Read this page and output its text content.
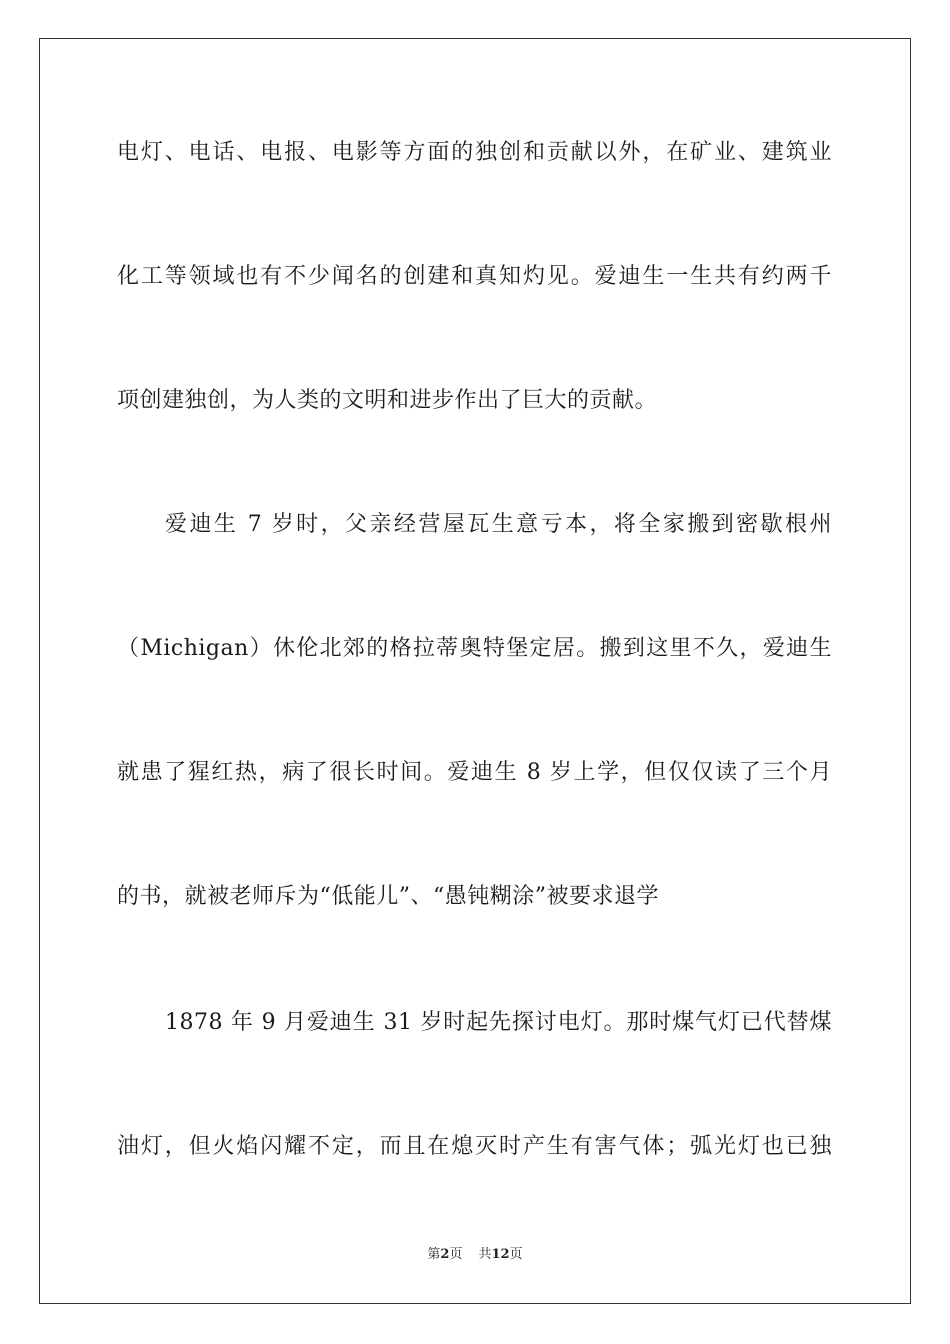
电灯、电话、电报、电影等方面的独创和贡献以外，在矿业、建筑业
化工等领域也有不少闻名的创建和真知灼见。爱迪生一生共有约两千
项创建独创，为人类的文明和进步作出了巨大的贡献。
爱迪生 7 岁时，父亲经营屋瓦生意亏本，将全家搬到密歇根州
（Michigan）休伦北郊的格拉蒂奥特堡定居。搬到这里不久，爱迪生
就患了猩红热，病了很长时间。爱迪生 8 岁上学，但仅仅读了三个月
的书，就被老师斥为“低能儿”、“愚钝糊涂”被要求退学
1878 年 9 月爱迪生 31 岁时起先探讨电灯。那时煤气灯已代替煤
油灯，但火焰闪耀不定，而且在熄灭时产生有害气体；弧光灯也已独
第2页 共12页
